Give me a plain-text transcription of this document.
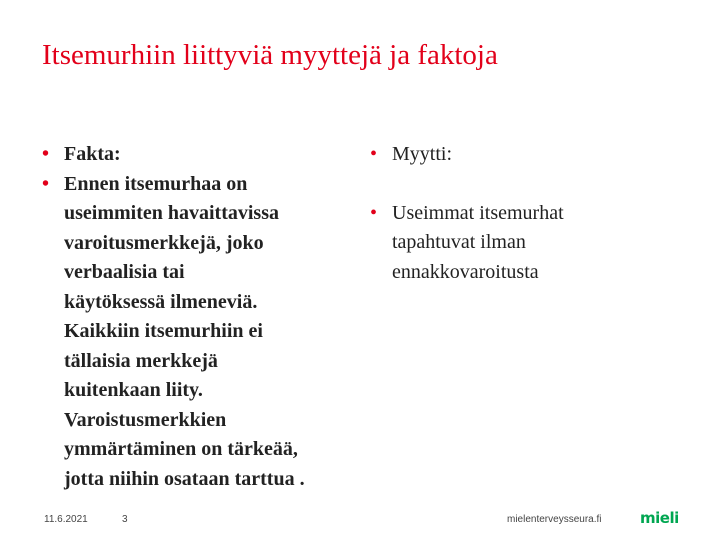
Itsemurhiin liittyviä myyttejä ja faktoja
• Fakta:
• Ennen itsemurhaa on
useimmiten havaittavissa
varoitusmerkkejä, joko
verbaalisia tai
käytöksessä ilmeneviä.
Kaikkiin itsemurhiin ei
tällaisia merkkejä
kuitenkaan liity.
Varoistusmerkkien
ymmärtäminen on tärkeää,
jotta niihin osataan tarttua .
• Myytti:
• Useimmat itsemurhat
tapahtuvat ilman
ennakkovaroitusta
11.6.2021	3	mielenterveysseura.fi	mieli
